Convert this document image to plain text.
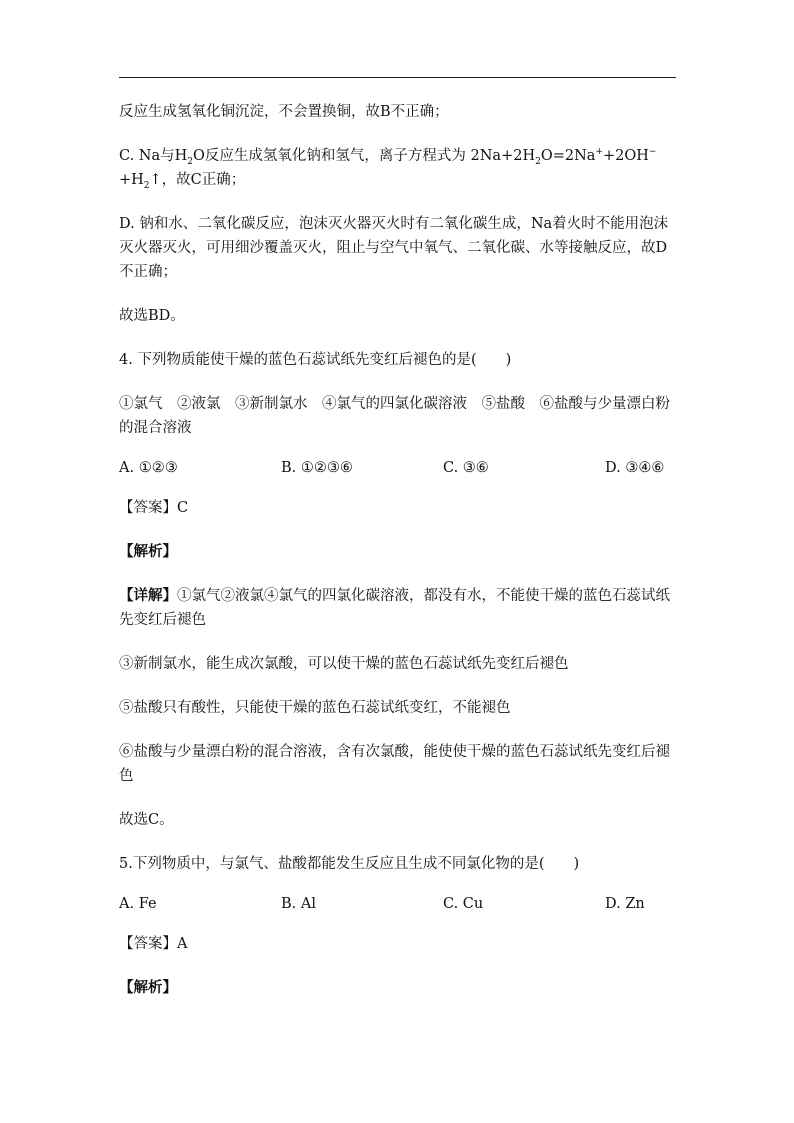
反应生成氢氧化铜沉淀，不会置换铜，故B不正确；

C. Na与$H_2O$反应生成氢氧化钠和氢气，离子方程式为 $2Na+2H_2O=2Na^++2OH^-+H_2↑$，故C正确；

D. 钠和水、二氧化碳反应，泡沫灭火器灭火时有二氧化碳生成，Na着火时不能用泡沫灭火器灭火，可用细沙覆盖灭火，阻止与空气中氧气、二氧化碳、水等接触反应，故D不正确；

故选BD。

4. 下列物质能使干燥的蓝色石蕊试纸先变红后褪色的是(　　)

①氯气　②液氯　③新制氯水　④氯气的四氯化碳溶液　⑤盐酸　⑥盐酸与少量漂白粉的混合溶液

A. ①②③	B. ①②③⑥	C. ③⑥	D. ③④⑥

【答案】C

【解析】

【详解】①氯气②液氯④氯气的四氯化碳溶液，都没有水，不能使干燥的蓝色石蕊试纸先变红后褪色

③新制氯水，能生成次氯酸，可以使干燥的蓝色石蕊试纸先变红后褪色

⑤盐酸只有酸性，只能使干燥的蓝色石蕊试纸变红，不能褪色

⑥盐酸与少量漂白粉的混合溶液，含有次氯酸，能使使干燥的蓝色石蕊试纸先变红后褪色

故选C。

5.下列物质中，与氯气、盐酸都能发生反应且生成不同氯化物的是(　　)

A. Fe	B. Al	C. Cu	D. Zn

【答案】A

【解析】
